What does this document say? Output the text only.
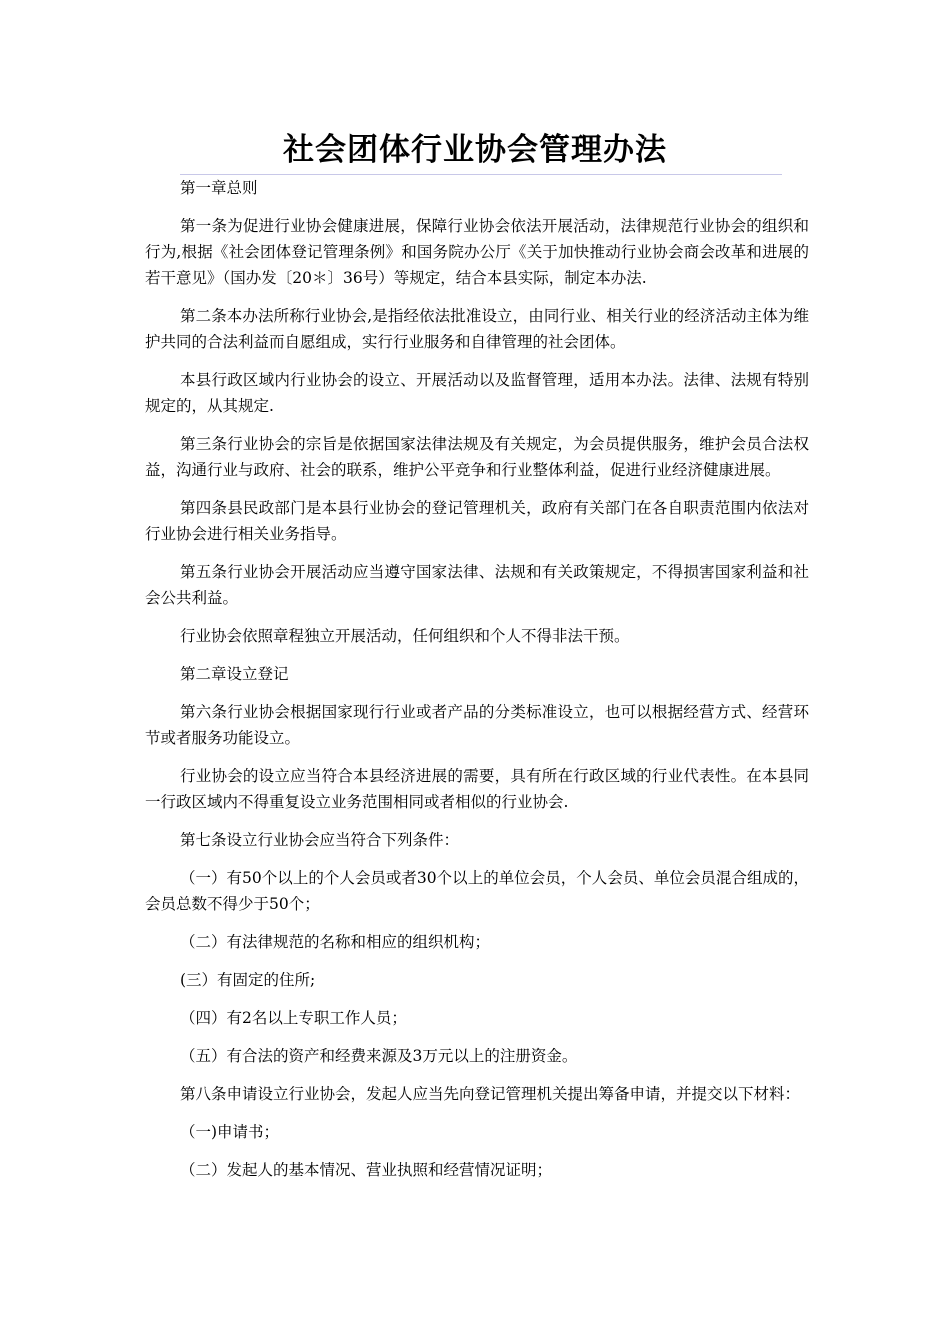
社会团体行业协会管理办法

第一章总则

第一条为促进行业协会健康进展，保障行业协会依法开展活动，法律规范行业协会的组织和行为,根据《社会团体登记管理条例》和国务院办公厅《关于加快推动行业协会商会改革和进展的若干意见》（国办发〔20＊〕36号）等规定，结合本县实际，制定本办法.

第二条本办法所称行业协会,是指经依法批准设立，由同行业、相关行业的经济活动主体为维护共同的合法利益而自愿组成，实行行业服务和自律管理的社会团体。

本县行政区域内行业协会的设立、开展活动以及监督管理，适用本办法。法律、法规有特别规定的，从其规定.

第三条行业协会的宗旨是依据国家法律法规及有关规定，为会员提供服务，维护会员合法权益，沟通行业与政府、社会的联系，维护公平竞争和行业整体利益，促进行业经济健康进展。

第四条县民政部门是本县行业协会的登记管理机关，政府有关部门在各自职责范围内依法对行业协会进行相关业务指导。

第五条行业协会开展活动应当遵守国家法律、法规和有关政策规定，不得损害国家利益和社会公共利益。

行业协会依照章程独立开展活动，任何组织和个人不得非法干预。

第二章设立登记

第六条行业协会根据国家现行行业或者产品的分类标准设立，也可以根据经营方式、经营环节或者服务功能设立。

行业协会的设立应当符合本县经济进展的需要，具有所在行政区域的行业代表性。在本县同一行政区域内不得重复设立业务范围相同或者相似的行业协会.

第七条设立行业协会应当符合下列条件：

（一）有50个以上的个人会员或者30个以上的单位会员，个人会员、单位会员混合组成的，会员总数不得少于50个；

（二）有法律规范的名称和相应的组织机构；

(三）有固定的住所;

（四）有2名以上专职工作人员；

（五）有合法的资产和经费来源及3万元以上的注册资金。

第八条申请设立行业协会，发起人应当先向登记管理机关提出筹备申请，并提交以下材料：

（一)申请书；

（二）发起人的基本情况、营业执照和经营情况证明；
